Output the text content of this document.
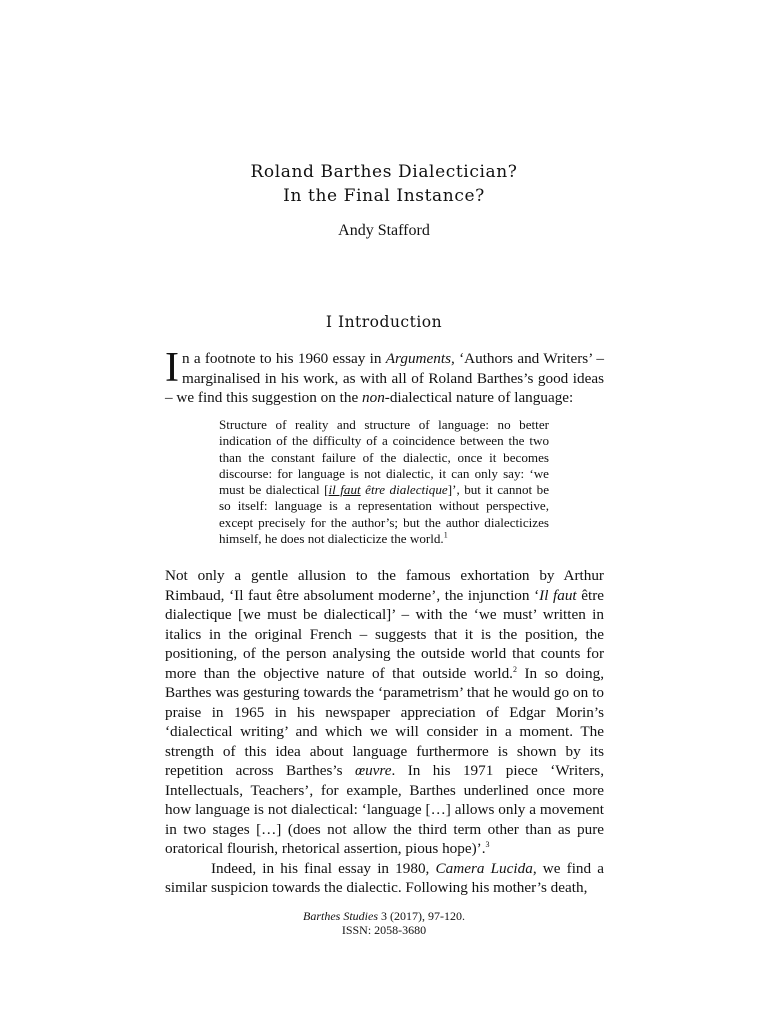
Roland Barthes Dialectician?
In the Final Instance?
Andy Stafford
I Introduction
In a footnote to his 1960 essay in Arguments, ‘Authors and Writers’ – marginalised in his work, as with all of Roland Barthes’s good ideas – we find this suggestion on the non-dialectical nature of language:
Structure of reality and structure of language: no better indication of the difficulty of a coincidence between the two than the constant failure of the dialectic, once it becomes discourse: for language is not dialectic, it can only say: ‘we must be dialectical [il faut être dialectique]’, but it cannot be so itself: language is a representation without perspective, except precisely for the author’s; but the author dialecticizes himself, he does not dialecticize the world.$^1$

Not only a gentle allusion to the famous exhortation by Arthur Rimbaud, ‘Il faut être absolument moderne’, the injunction ‘Il faut être dialectique [we must be dialectical]’ – with the ‘we must’ written in italics in the original French – suggests that it is the position, the positioning, of the person analysing the outside world that counts for more than the objective nature of that outside world.$^2$ In so doing, Barthes was gesturing towards the ‘parametrism’ that he would go on to praise in 1965 in his newspaper appreciation of Edgar Morin’s ‘dialectical writing’ and which we will consider in a moment. The strength of this idea about language furthermore is shown by its repetition across Barthes’s œuvre. In his 1971 piece ‘Writers, Intellectuals, Teachers’, for example, Barthes underlined once more how language is not dialectical: ‘language […] allows only a movement in two stages […] (does not allow the third term other than as pure oratorical flourish, rhetorical assertion, pious hope)’.$^3$

Indeed, in his final essay in 1980, Camera Lucida, we find a similar suspicion towards the dialectic. Following his mother’s death,

Barthes Studies 3 (2017), 97-120.
ISSN: 2058-3680
